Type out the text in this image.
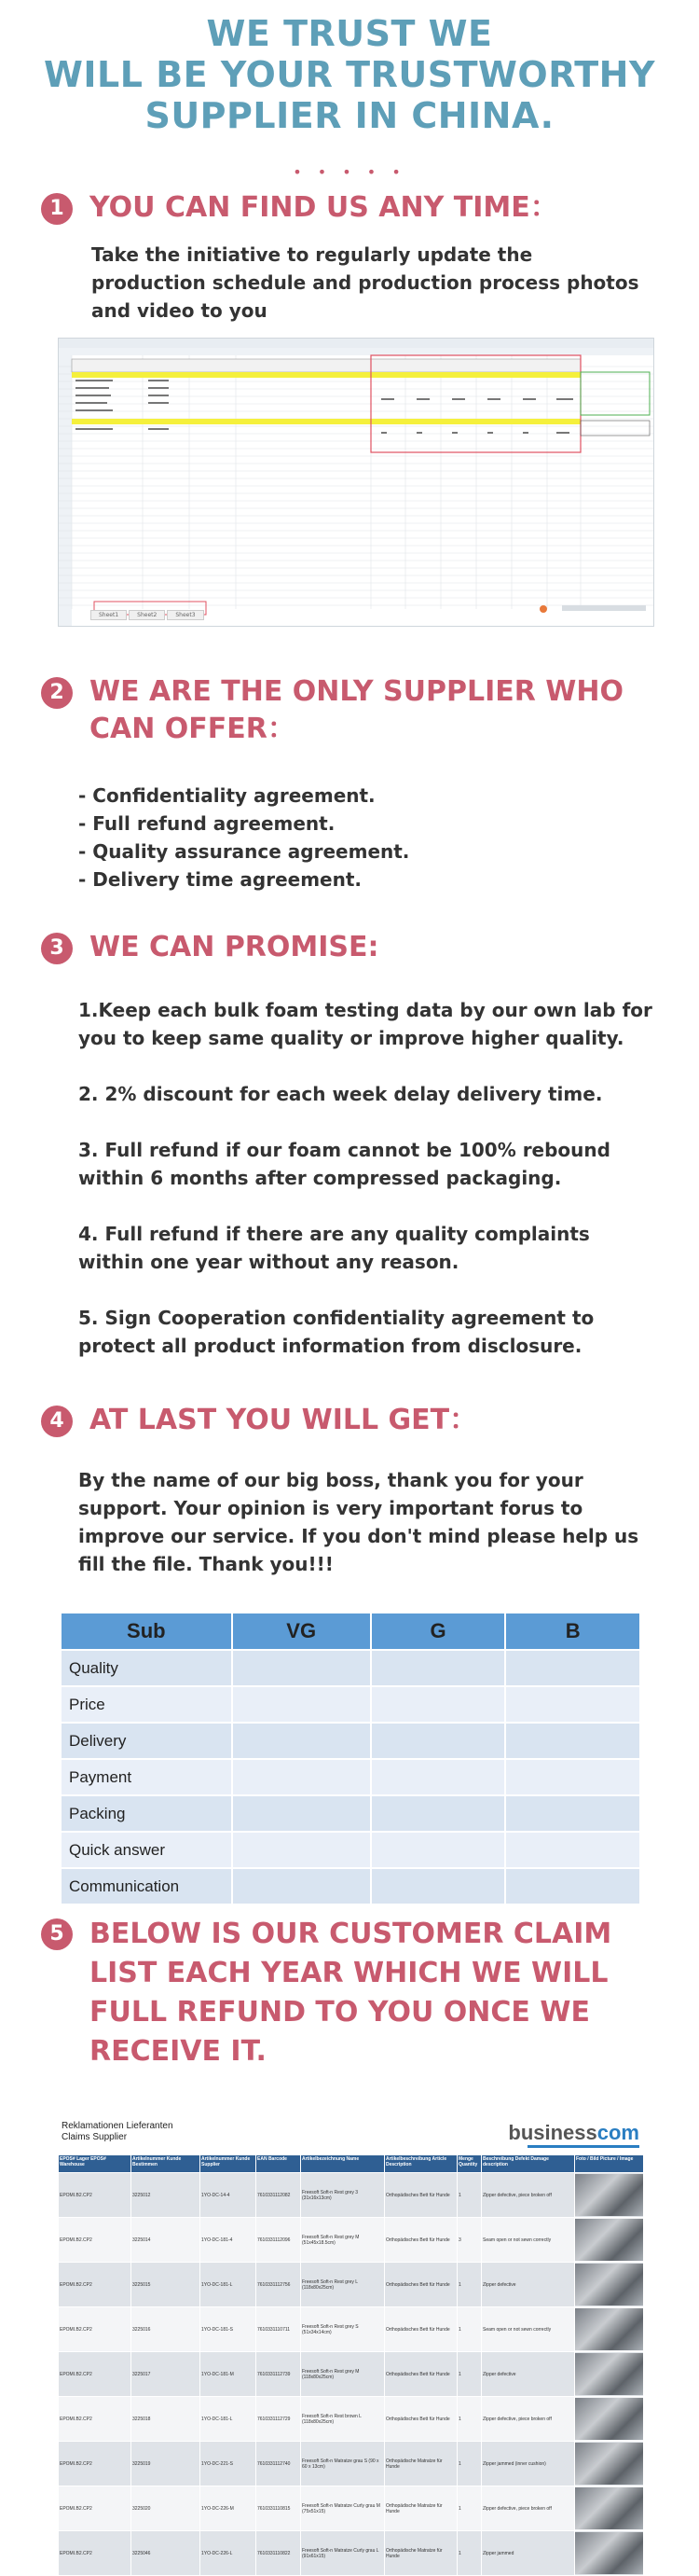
WE TRUST WE
WILL BE YOUR TRUSTWORTHY
SUPPLIER IN CHINA.
• • • • •
1 YOU CAN FIND US ANY TIME：
Take the initiative to regularly update the production schedule and production process photos and video to you
Sheet1	Sheet2	Sheet3
2 WE ARE THE ONLY SUPPLIER WHO CAN OFFER：
- Confidentiality agreement.
- Full refund agreement.
- Quality assurance agreement.
- Delivery time agreement.
3 WE CAN PROMISE:
1.Keep each bulk foam testing data by our own lab for you to keep same quality or improve higher quality.
2. 2% discount for each week delay delivery time.
3. Full refund if our foam cannot be 100% rebound within 6 months after compressed packaging.
4. Full refund if there are any quality complaints within one year without any reason.
5. Sign Cooperation confidentiality agreement to protect all product information from disclosure.
4 AT LAST YOU WILL GET：
By the name of our big boss, thank you for your support. Your opinion is very important forus to improve our service. If you don't mind please help us fill the file. Thank you!!!
Sub	VG	G	B
Quality			
Price			
Delivery			
Payment			
Packing			
Quick answer			
Communication			
5 BELOW IS OUR CUSTOMER CLAIM LIST EACH YEAR WHICH WE WILL FULL REFUND TO YOU ONCE WE RECEIVE IT.
Reklamationen Lieferanten
Claims Supplier	businesscom
EPOS# Lager EPOS# Warehouse	Artikelnummer Kunde Bestimmen	Artikelnummer Kunde Supplier	EAN Barcode	Artikelbezeichnung Name	Artikelbeschreibung Article Description	Menge Quantity	Beschreibung Defekt Damage description	Foto / Bild Picture / Image
EPOMI.B2.CP2	3225012	1YO-DC-14-4	7610331112082	Freesoft Soft-n Rest grey 3 (31x16x13cm)	Orthopädisches Bett für Hunde	1	Zipper defective, piece broken off	

EPOMI.B2.CP2	3225014	1YO-DC-181-4	7610331112096	Freesoft Soft-n Rest grey M (51x45x18.5cm)	Orthopädisches Bett für Hunde	3	Seam open or not sewn correctly	

EPOMI.B2.CP2	3225015	1YO-DC-181-L	7610331112756	Freesoft Soft-n Rest grey L (118x80x25cm)	Orthopädisches Bett für Hunde	1	Zipper defective	

EPOMI.B2.CP2	3225016	1YO-DC-181-S	7610331110711	Freesoft Soft-n Rest grey S (51x34x14cm)	Orthopädisches Bett für Hunde	1	Seam open or not sewn correctly	

EPOMI.B2.CP2	3225017	1YO-DC-181-M	7610331112739	Freesoft Soft-n Rest grey M (118x80x25cm)	Orthopädisches Bett für Hunde	1	Zipper defective	

EPOMI.B2.CP2	3225018	1YO-DC-181-L	7610331112729	Freesoft Soft-n Rest brown L (118x80x25cm)	Orthopädisches Bett für Hunde	1	Zipper defective, piece broken off	

EPOMI.B2.CP2	3225019	1YO-DC-221-S	7610331112740	Freesoft Soft-n Matratze grau S (90 x 60 x 13cm)	Orthopädische Matratze für Hunde	1	Zipper jammed (inner cushion)	

EPOMI.B2.CP2	3225020	1YO-DC-226-M	7610331110815	Freesoft Soft-n Matratze Curly grau M (75x51x15)	Orthopädische Matratze für Hunde	1	Zipper defective, piece broken off	

EPOMI.B2.CP2	3225046	1YO-DC-226-L	7610331110822	Freesoft Soft-n Matratze Curly grau L (91x61x15)	Orthopädische Matratze für Hunde	1	Zipper jammed	
